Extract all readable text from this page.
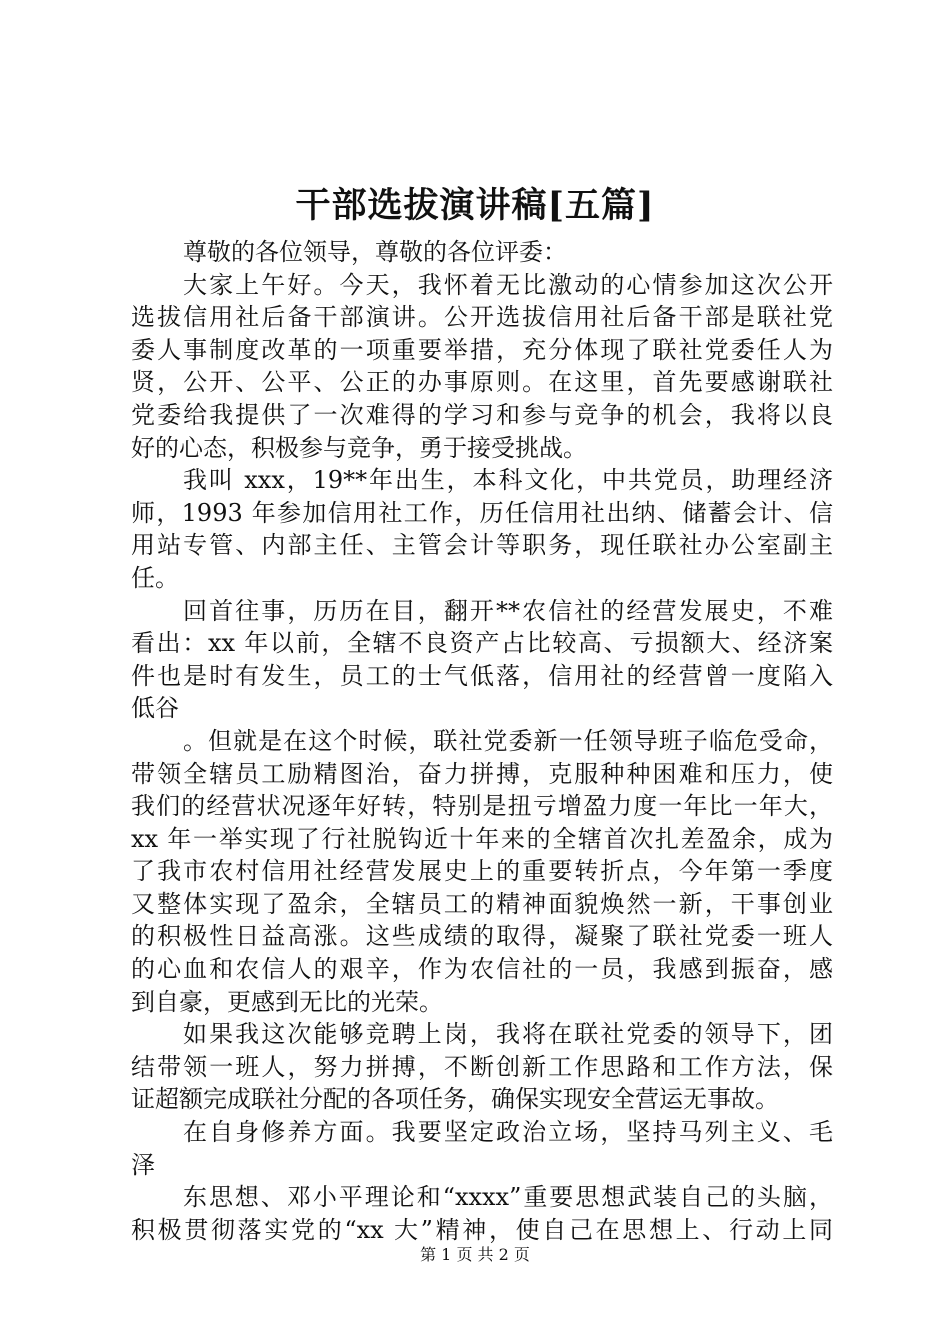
干部选拔演讲稿[五篇]
尊敬的各位领导，尊敬的各位评委：
大家上午好。今天，我怀着无比激动的心情参加这次公开
选拔信用社后备干部演讲。公开选拔信用社后备干部是联社党
委人事制度改革的一项重要举措，充分体现了联社党委任人为
贤，公开、公平、公正的办事原则。在这里，首先要感谢联社
党委给我提供了一次难得的学习和参与竞争的机会，我将以良
好的心态，积极参与竞争，勇于接受挑战。
我叫 xxx，19**年出生，本科文化，中共党员，助理经济
师，1993 年参加信用社工作，历任信用社出纳、储蓄会计、信
用站专管、内部主任、主管会计等职务，现任联社办公室副主
任。
回首往事，历历在目，翻开**农信社的经营发展史，不难
看出：xx 年以前，全辖不良资产占比较高、亏损额大、经济案
件也是时有发生，员工的士气低落，信用社的经营曾一度陷入
低谷
。但就是在这个时候，联社党委新一任领导班子临危受命，
带领全辖员工励精图治，奋力拼搏，克服种种困难和压力，使
我们的经营状况逐年好转，特别是扭亏增盈力度一年比一年大，
xx 年一举实现了行社脱钩近十年来的全辖首次扎差盈余，成为
了我市农村信用社经营发展史上的重要转折点，今年第一季度
又整体实现了盈余，全辖员工的精神面貌焕然一新，干事创业
的积极性日益高涨。这些成绩的取得，凝聚了联社党委一班人
的心血和农信人的艰辛，作为农信社的一员，我感到振奋，感
到自豪，更感到无比的光荣。
如果我这次能够竞聘上岗，我将在联社党委的领导下，团
结带领一班人，努力拼搏，不断创新工作思路和工作方法，保
证超额完成联社分配的各项任务，确保实现安全营运无事故。
在自身修养方面。我要坚定政治立场，坚持马列主义、毛
泽
东思想、邓小平理论和“xxxx”重要思想武装自己的头脑，
积极贯彻落实党的“xx 大”精神，使自己在思想上、行动上同
第 1 页 共 2 页
